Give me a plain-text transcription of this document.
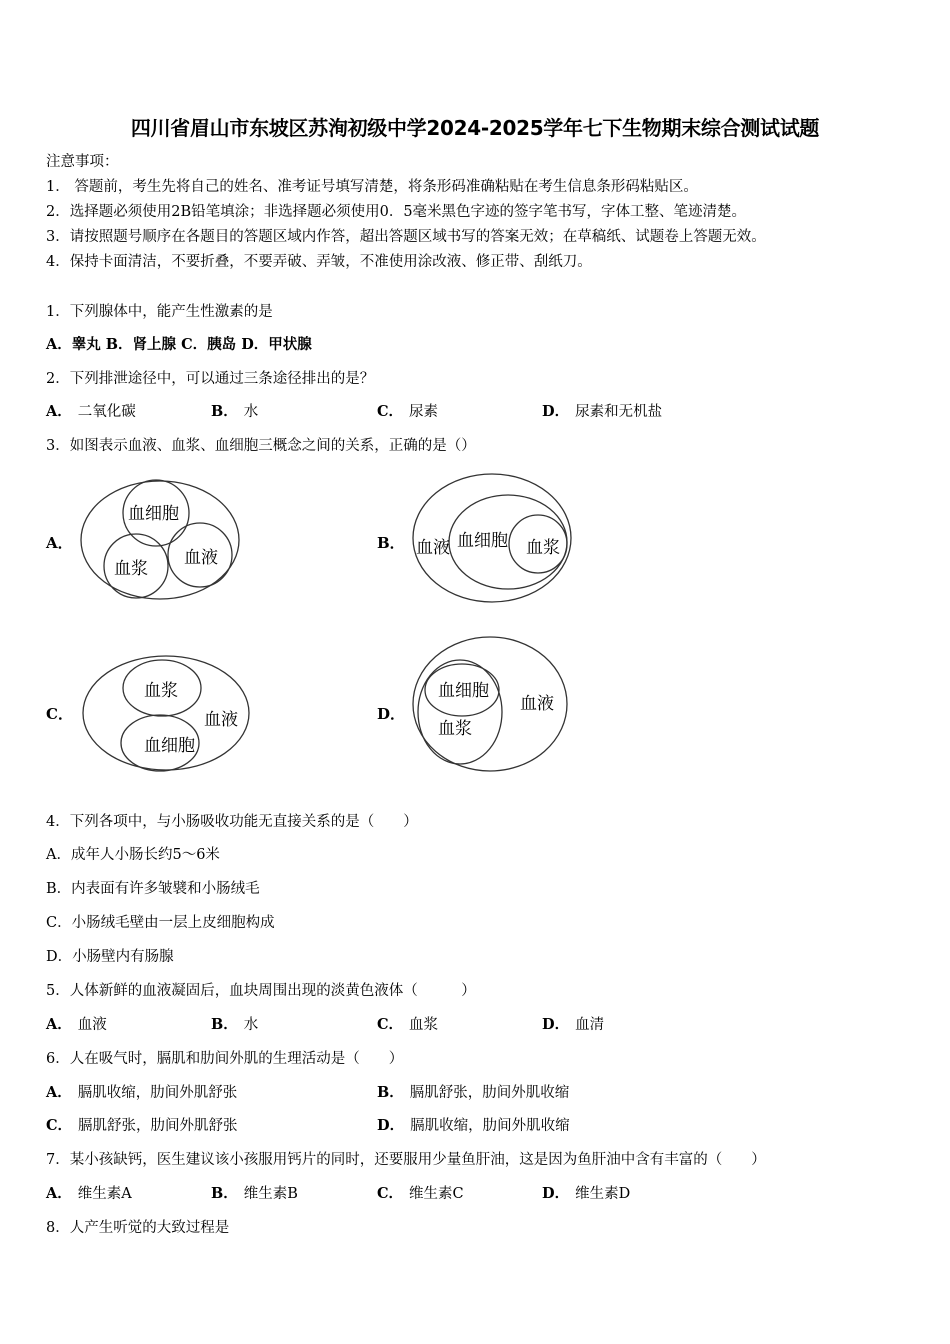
四川省眉山市东坡区苏洵初级中学2024-2025学年七下生物期末综合测试试题
注意事项：
1． 答题前，考生先将自己的姓名、准考证号填写清楚，将条形码准确粘贴在考生信息条形码粘贴区。
2．选择题必须使用2B铅笔填涂；非选择题必须使用0．5毫米黑色字迹的签字笔书写，字体工整、笔迹清楚。
3．请按照题号顺序在各题目的答题区域内作答，超出答题区域书写的答案无效；在草稿纸、试题卷上答题无效。
4．保持卡面清洁，不要折叠，不要弄破、弄皱，不准使用涂改液、修正带、刮纸刀。
1．下列腺体中，能产生性激素的是
A．睾丸 B．肾上腺 C．胰岛 D．甲状腺
2．下列排泄途径中，可以通过三条途径排出的是？
A． 二氧化碳	B． 水	C． 尿素	D． 尿素和无机盐
3．如图表示血液、血浆、血细胞三概念之间的关系，正确的是（）
A．
血细胞
血浆
血液
B． 血液 血细胞 血浆
C．
血浆
血液
血细胞
D．
血细胞
血浆
血液
4．下列各项中，与小肠吸收功能无直接关系的是（　　）
A．成年人小肠长约5～6米
B．内表面有许多皱襞和小肠绒毛
C．小肠绒毛壁由一层上皮细胞构成
D．小肠壁内有肠腺
5．人体新鲜的血液凝固后，血块周围出现的淡黄色液体（　　　）
A． 血液	B． 水	C． 血浆	D． 血清
6．人在吸气时，膈肌和肋间外肌的生理活动是（　　）
A． 膈肌收缩，肋间外肌舒张	B． 膈肌舒张，肋间外肌收缩
C． 膈肌舒张，肋间外肌舒张	D． 膈肌收缩，肋间外肌收缩
7．某小孩缺钙，医生建议该小孩服用钙片的同时，还要服用少量鱼肝油，这是因为鱼肝油中含有丰富的（　　）
A． 维生素A	B． 维生素B	C． 维生素C	D． 维生素D
8．人产生听觉的大致过程是
